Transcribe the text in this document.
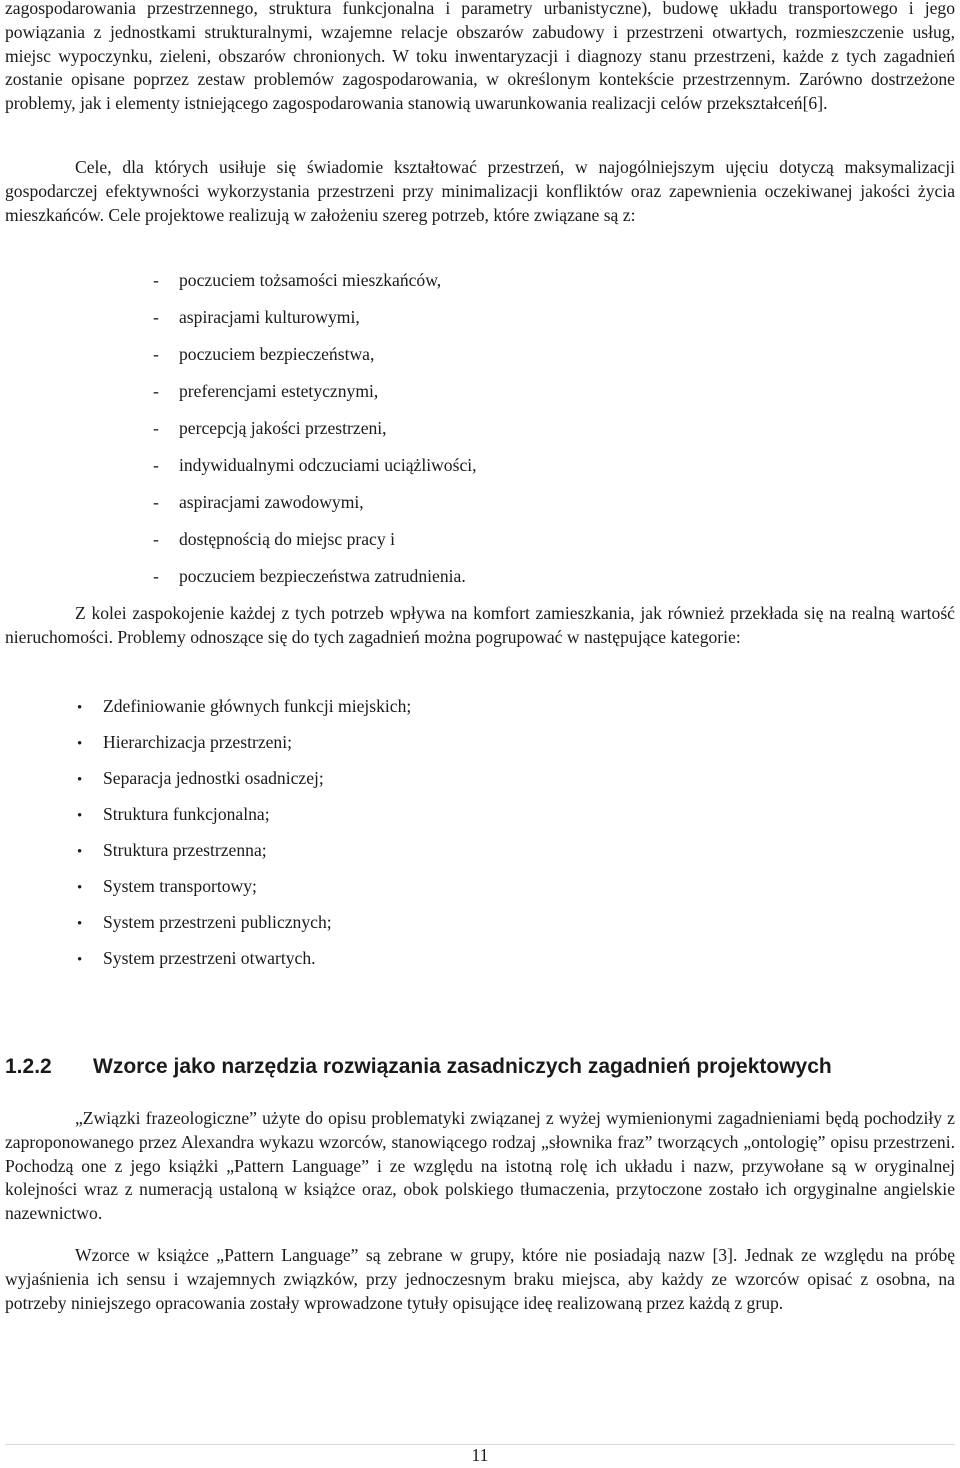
zagospodarowania przestrzennego, struktura funkcjonalna i parametry urbanistyczne), budowę układu transportowego i jego powiązania z jednostkami strukturalnymi, wzajemne relacje obszarów zabudowy i przestrzeni otwartych, rozmieszczenie usług, miejsc wypoczynku, zieleni, obszarów chronionych. W toku inwentaryzacji i diagnozy stanu przestrzeni, każde z tych zagadnień zostanie opisane poprzez zestaw problemów zagospodarowania, w określonym kontekście przestrzennym. Zarówno dostrzeżone problemy, jak i elementy istniejącego zagospodarowania stanowią uwarunkowania realizacji celów przekształceń[6].

Cele, dla których usiłuje się świadomie kształtować przestrzeń, w najogólniejszym ujęciu dotyczą maksymalizacji gospodarczej efektywności wykorzystania przestrzeni przy minimalizacji konfliktów oraz zapewnienia oczekiwanej jakości życia mieszkańców. Cele projektowe realizują w założeniu szereg potrzeb, które związane są z:

- poczuciem tożsamości mieszkańców,
- aspiracjami kulturowymi,
- poczuciem bezpieczeństwa,
- preferencjami estetycznymi,
- percepcją jakości przestrzeni,
- indywidualnymi odczuciami uciążliwości,
- aspiracjami zawodowymi,
- dostępnością do miejsc pracy i
- poczuciem bezpieczeństwa zatrudnienia.

Z kolei zaspokojenie każdej z tych potrzeb wpływa na komfort zamieszkania, jak również przekłada się na realną wartość nieruchomości. Problemy odnoszące się do tych zagadnień można pogrupować w następujące kategorie:

• Zdefiniowanie głównych funkcji miejskich;
• Hierarchizacja przestrzeni;
• Separacja jednostki osadniczej;
• Struktura funkcjonalna;
• Struktura przestrzenna;
• System transportowy;
• System przestrzeni publicznych;
• System przestrzeni otwartych.
1.2.2 Wzorce jako narzędzia rozwiązania zasadniczych zagadnień projektowych

„Związki frazeologiczne” użyte do opisu problematyki związanej z wyżej wymienionymi zagadnieniami będą pochodziły z zaproponowanego przez Alexandra wykazu wzorców, stanowiącego rodzaj „słownika fraz” tworzących „ontologię” opisu przestrzeni. Pochodzą one z jego książki „Pattern Language” i ze względu na istotną rolę ich układu i nazw, przywołane są w oryginalnej kolejności wraz z numeracją ustaloną w książce oraz, obok polskiego tłumaczenia, przytoczone zostało ich orgyginalne angielskie nazewnictwo.

Wzorce w książce „Pattern Language” są zebrane w grupy, które nie posiadają nazw [3]. Jednak ze względu na próbę wyjaśnienia ich sensu i wzajemnych związków, przy jednoczesnym braku miejsca, aby każdy ze wzorców opisać z osobna, na potrzeby niniejszego opracowania zostały wprowadzone tytuły opisujące ideę realizowaną przez każdą z grup.

11
